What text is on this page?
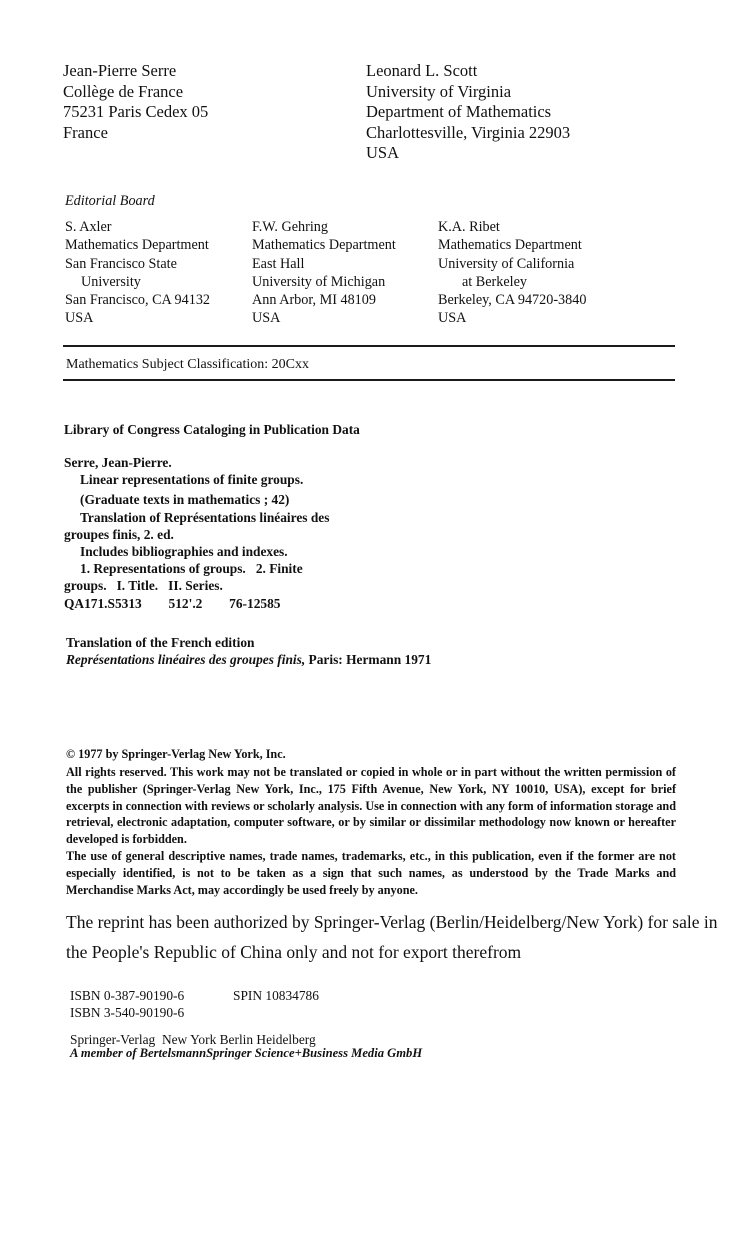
Jean-Pierre Serre
Collège de France
75231 Paris Cedex 05
France
Leonard L. Scott
University of Virginia
Department of Mathematics
Charlottesville, Virginia 22903
USA
Editorial Board
S. Axler
Mathematics Department
San Francisco State
University
San Francisco, CA 94132
USA
F.W. Gehring
Mathematics Department
East Hall
University of Michigan
Ann Arbor, MI 48109
USA
K.A. Ribet
Mathematics Department
University of California
at Berkeley
Berkeley, CA 94720-3840
USA
Mathematics Subject Classification: 20Cxx
Library of Congress Cataloging in Publication Data
Serre, Jean-Pierre.
Linear representations of finite groups.
(Graduate texts in mathematics ; 42)
Translation of Représentations linéaires des
groupes finis, 2. ed.
Includes bibliographies and indexes.
1. Representations of groups.   2. Finite
groups.   I. Title.   II. Series.
QA171.S5313        512'.2        76-12585
Translation of the French edition
Représentations linéaires des groupes finis, Paris: Hermann 1971
© 1977 by Springer-Verlag New York, Inc.
All rights reserved. This work may not be translated or copied in whole or in part without the written permission of the publisher (Springer-Verlag New York, Inc., 175 Fifth Avenue, New York, NY 10010, USA), except for brief excerpts in connection with reviews or scholarly analysis. Use in connection with any form of information storage and retrieval, electronic adaptation, computer software, or by similar or dissimilar methodology now known or hereafter developed is forbidden.
The use of general descriptive names, trade names, trademarks, etc., in this publication, even if the former are not especially identified, is not to be taken as a sign that such names, as understood by the Trade Marks and Merchandise Marks Act, may accordingly be used freely by anyone.
The reprint has been authorized by Springer-Verlag (Berlin/Heidelberg/New York) for sale in
the People's Republic of China only and not for export therefrom
ISBN 0-387-90190-6	SPIN 10834786
ISBN 3-540-90190-6
Springer-Verlag  New York Berlin Heidelberg
A member of BertelsmannSpringer Science+Business Media GmbH
